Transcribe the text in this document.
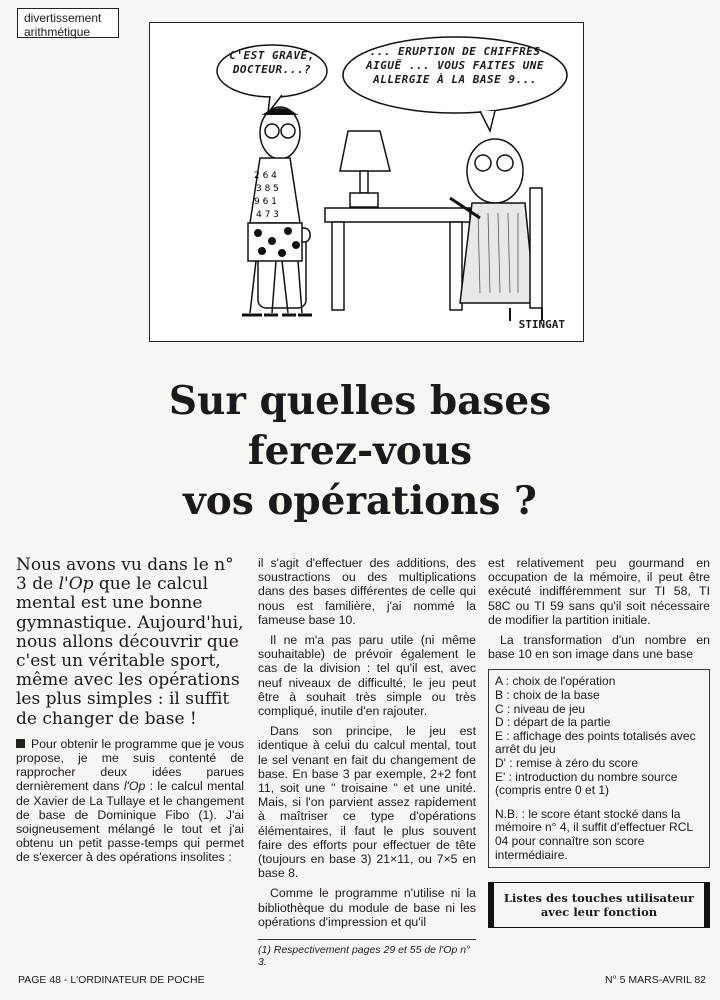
divertissement
arithmétique
2 6 4
3 8 5
9 6 1
4 7 3
C'EST GRAVE,
DOCTEUR...?
... ERUPTION DE CHIFFRES
AIGUË ... VOUS FAITES UNE
ALLERGIE À LA BASE 9...
STINGAT
Sur quelles bases
ferez-vous
vos opérations ?

Nous avons vu dans le n° 3 de l'Op que le calcul mental est une bonne gymnastique. Aujourd'hui, nous allons découvrir que c'est un véritable sport, même avec les opérations les plus simples : il suffit de changer de base !

Pour obtenir le programme que je vous propose, je me suis contenté de rapprocher deux idées parues dernièrement dans l'Op : le calcul mental de Xavier de La Tullaye et le changement de base de Dominique Fibo (1). J'ai soigneusement mélangé le tout et j'ai obtenu un petit passe-temps qui permet de s'exercer à des opérations insolites :

il s'agit d'effectuer des additions, des soustractions ou des multiplications dans des bases différentes de celle qui nous est familière, j'ai nommé la fameuse base 10.

Il ne m'a pas paru utile (ni même souhaitable) de prévoir également le cas de la division : tel qu'il est, avec neuf niveaux de difficulté, le jeu peut être à souhait très simple ou très compliqué, inutile d'en rajouter.

Dans son principe, le jeu est identique à celui du calcul mental, tout le sel venant en fait du changement de base. En base 3 par exemple, 2+2 font 11, soit une " troisaine " et une unité. Mais, si l'on parvient assez rapidement à maîtriser ce type d'opérations élémentaires, il faut le plus souvent faire des efforts pour effectuer de tête (toujours en base 3) 21×11, ou 7×5 en base 8.

Comme le programme n'utilise ni la bibliothèque du module de base ni les opérations d'impression et qu'il

(1) Respectivement pages 29 et 55 de l'Op n° 3.

est relativement peu gourmand en occupation de la mémoire, il peut être exécuté indifféremment sur TI 58, TI 58C ou TI 59 sans qu'il soit nécessaire de modifier la partition initiale.

La transformation d'un nombre en base 10 en son image dans une base

A : choix de l'opération

B : choix de la base

C : niveau de jeu

D : départ de la partie

E : affichage des points totalisés avec arrêt du jeu

D' : remise à zéro du score

E' : introduction du nombre source (compris entre 0 et 1)

N.B. : le score étant stocké dans la mémoire n° 4, il suffit d'effectuer RCL 04 pour connaître son score intermédiaire.

Listes des touches utilisateur
avec leur fonction
PAGE 48 - L'ORDINATEUR DE POCHE	N° 5 MARS-AVRIL 82
